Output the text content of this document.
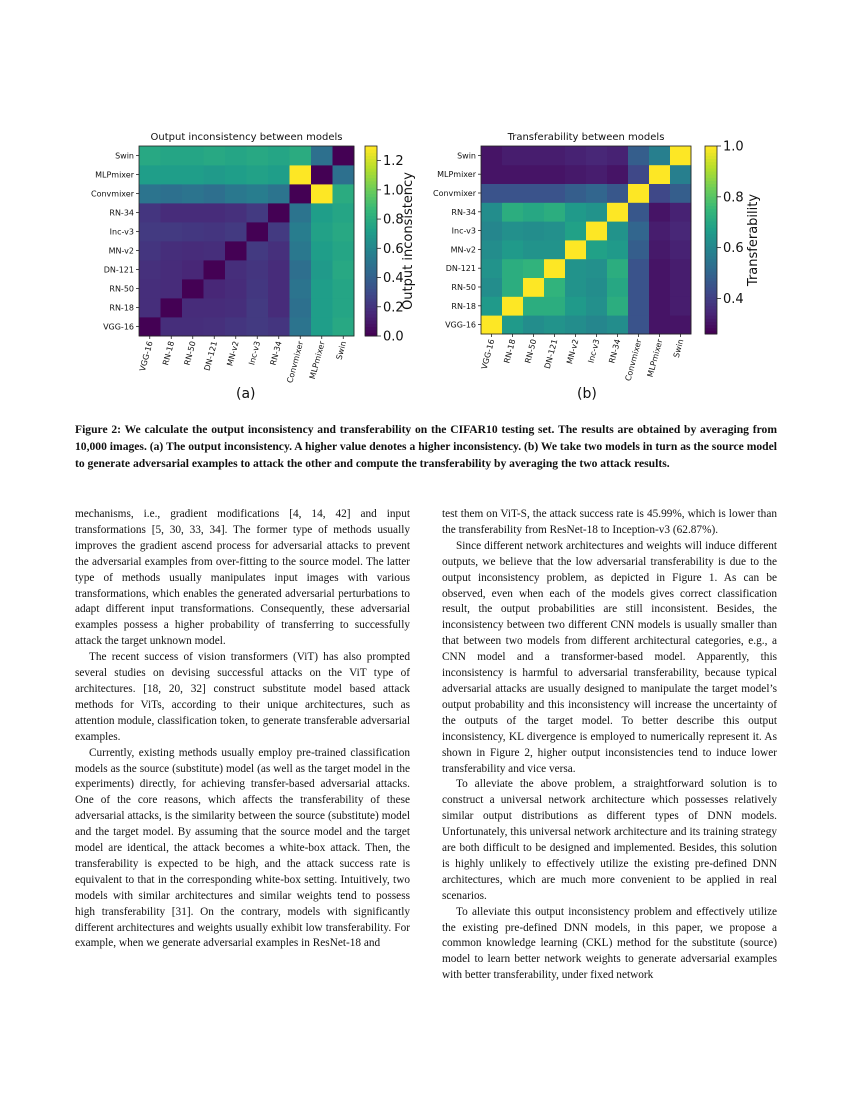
Output inconsistency between models
VGG-16
RN-18
RN-50
DN-121
MN-v2
Inc-v3
RN-34
Convmixer
MLPmixer
Swin
VGG-16 RN-18 RN-50 DN-121 MN-v2 Inc-v3 RN-34 Convmixer MLPmixer Swin
0.0
0.2
0.4
0.6
0.8
1.0
1.2
Output inconsistency
Transferability between models
VGG-16
RN-18
RN-50
DN-121
MN-v2
Inc-v3
RN-34
Convmixer
MLPmixer
Swin
VGG-16 RN-18 RN-50 DN-121 MN-v2 Inc-v3 RN-34 Convmixer MLPmixer Swin
0.4
0.6
0.8
1.0
Transferability
(a)	(b)
Figure 2: We calculate the output inconsistency and transferability on the CIFAR10 testing set. The results are obtained by averaging from 10,000 images. (a) The output inconsistency. A higher value denotes a higher inconsistency. (b) We take two models in turn as the source model to generate adversarial examples to attack the other and compute the transferability by averaging the two attack results.

mechanisms, i.e., gradient modifications [4, 14, 42] and input transformations [5, 30, 33, 34]. The former type of methods usually improves the gradient ascend process for adversarial attacks to prevent the adversarial examples from over-fitting to the source model. The latter type of methods usually manipulates input images with various transformations, which enables the generated adversarial perturbations to adapt different input transformations. Consequently, these adversarial examples possess a higher probability of transferring to successfully attack the target unknown model.

The recent success of vision transformers (ViT) has also prompted several studies on devising successful attacks on the ViT type of architectures. [18, 20, 32] construct substitute model based attack methods for ViTs, according to their unique architectures, such as attention module, classification token, to generate transferable adversarial examples.

Currently, existing methods usually employ pre-trained classification models as the source (substitute) model (as well as the target model in the experiments) directly, for achieving transfer-based adversarial attacks. One of the core reasons, which affects the transferability of these adversarial attacks, is the similarity between the source (substitute) model and the target model. By assuming that the source model and the target model are identical, the attack becomes a white-box attack. Then, the transferability is expected to be high, and the attack success rate is equivalent to that in the corresponding white-box setting. Intuitively, two models with similar architectures and similar weights tend to possess high transferability [31]. On the contrary, models with significantly different architectures and weights usually exhibit low transferability. For example, when we generate adversarial examples in ResNet-18 and

test them on ViT-S, the attack success rate is 45.99%, which is lower than the transferability from ResNet-18 to Inception-v3 (62.87%).

Since different network architectures and weights will induce different outputs, we believe that the low adversarial transferability is due to the output inconsistency problem, as depicted in Figure 1. As can be observed, even when each of the models gives correct classification result, the output probabilities are still inconsistent. Besides, the inconsistency between two different CNN models is usually smaller than that between two models from different architectural categories, e.g., a CNN model and a transformer-based model. Apparently, this inconsistency is harmful to adversarial transferability, because typical adversarial attacks are usually designed to manipulate the target model’s output probability and this inconsistency will increase the uncertainty of the outputs of the target model. To better describe this output inconsistency, KL divergence is employed to numerically represent it. As shown in Figure 2, higher output inconsistencies tend to induce lower transferability and vice versa.

To alleviate the above problem, a straightforward solution is to construct a universal network architecture which possesses relatively similar output distributions as different types of DNN models. Unfortunately, this universal network architecture and its training strategy are both difficult to be designed and implemented. Besides, this solution is highly unlikely to effectively utilize the existing pre-defined DNN architectures, which are much more convenient to be applied in real scenarios.

To alleviate this output inconsistency problem and effectively utilize the existing pre-defined DNN models, in this paper, we propose a common knowledge learning (CKL) method for the substitute (source) model to learn better network weights to generate adversarial examples with better transferability, under fixed network
